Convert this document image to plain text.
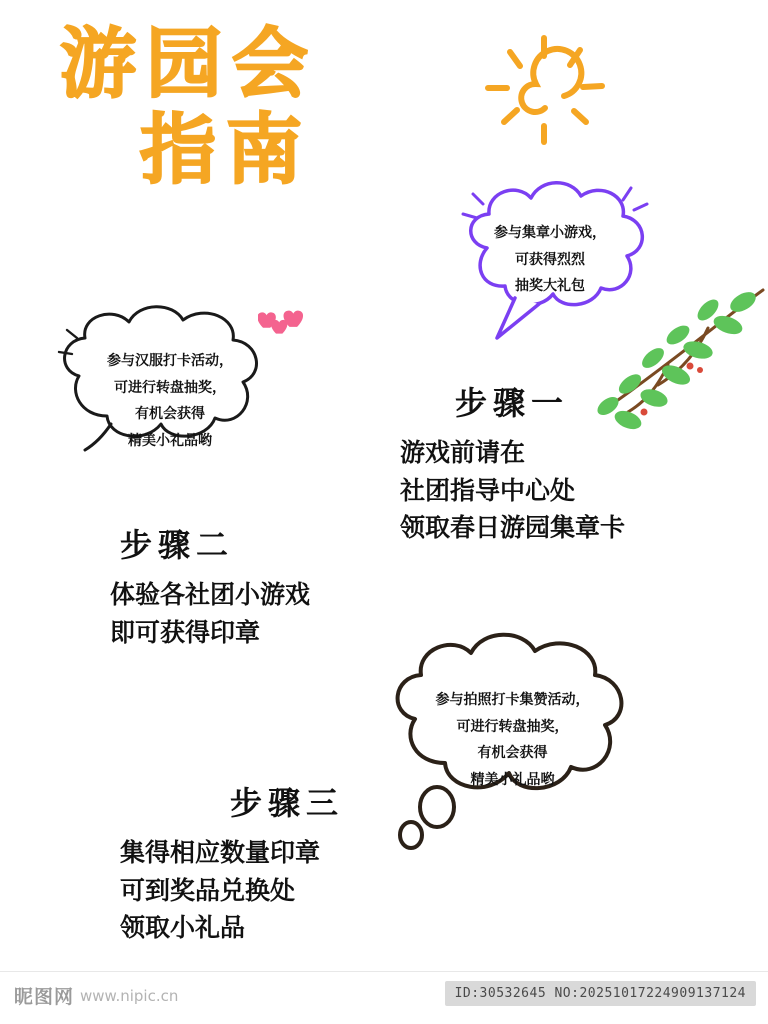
游园会
指南
参与集章小游戏，
可获得烈烈
抽奖大礼包
参与汉服打卡活动，
可进行转盘抽奖，
有机会获得
精美小礼品哟
参与拍照打卡集赞活动，
可进行转盘抽奖，
有机会获得
精美小礼品哟
步骤一
游戏前请在
社团指导中心处
领取春日游园集章卡
步骤二
体验各社团小游戏
即可获得印章
步骤三
集得相应数量印章
可到奖品兑换处
领取小礼品
昵图网 www.nipic.cn	ID:30532645 NO:20251017224909137124
